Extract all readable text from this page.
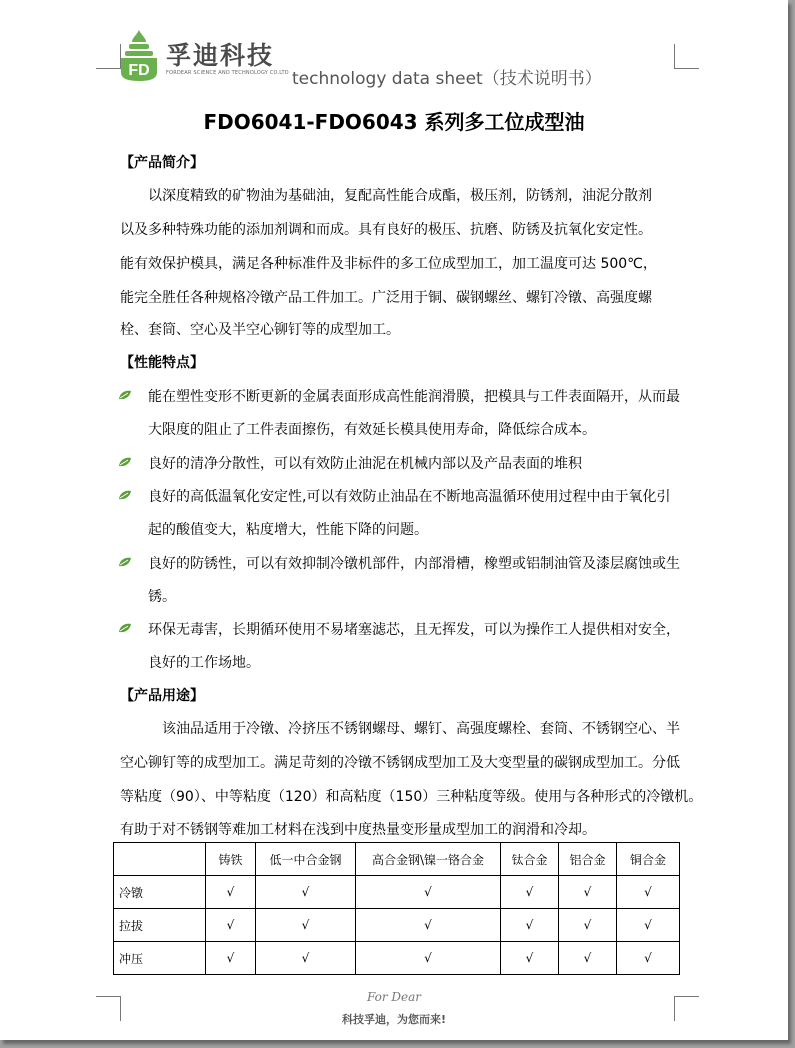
FD
孚迪科技
FORDEAR SCIENCE AND TECHNOLOGY CO.LTD technology data sheet（技术说明书）
FDO6041-FDO6043 系列多工位成型油
【产品简介】
以深度精致的矿物油为基础油，复配高性能合成酯，极压剂，防锈剂，油泥分散剂
以及多种特殊功能的添加剂调和而成。具有良好的极压、抗磨、防锈及抗氧化安定性。
能有效保护模具，满足各种标准件及非标件的多工位成型加工，加工温度可达 500℃，
能完全胜任各种规格冷镦产品工件加工。广泛用于铜、碳钢螺丝、螺钉冷镦、高强度螺
栓、套筒、空心及半空心铆钉等的成型加工。
【性能特点】
能在塑性变形不断更新的金属表面形成高性能润滑膜，把模具与工件表面隔开，从而最
大限度的阻止了工件表面擦伤，有效延长模具使用寿命，降低综合成本。
良好的清净分散性，可以有效防止油泥在机械内部以及产品表面的堆积
良好的高低温氧化安定性,可以有效防止油品在不断地高温循环使用过程中由于氧化引
起的酸值变大，粘度增大，性能下降的问题。
良好的防锈性，可以有效抑制冷镦机部件，内部滑槽，橡塑或铝制油管及漆层腐蚀或生
锈。
环保无毒害，长期循环使用不易堵塞滤芯，且无挥发，可以为操作工人提供相对安全，
良好的工作场地。
【产品用途】
该油品适用于冷镦、冷挤压不锈钢螺母、螺钉、高强度螺栓、套筒、不锈钢空心、半
空心铆钉等的成型加工。满足苛刻的冷镦不锈钢成型加工及大变型量的碳钢成型加工。分低
等粘度（90）、中等粘度（120）和高粘度（150）三种粘度等级。使用与各种形式的冷镦机。
有助于对不锈钢等难加工材料在浅到中度热量变形量成型加工的润滑和冷却。
	铸铁	低一中合金钢	高合金钢\镍一铬合金	钛合金	铝合金	铜合金
冷镦	√	√	√	√	√	√
拉拔	√	√	√	√	√	√
冲压	√	√	√	√	√	√
For Dear
科技孚迪，为您而来!
